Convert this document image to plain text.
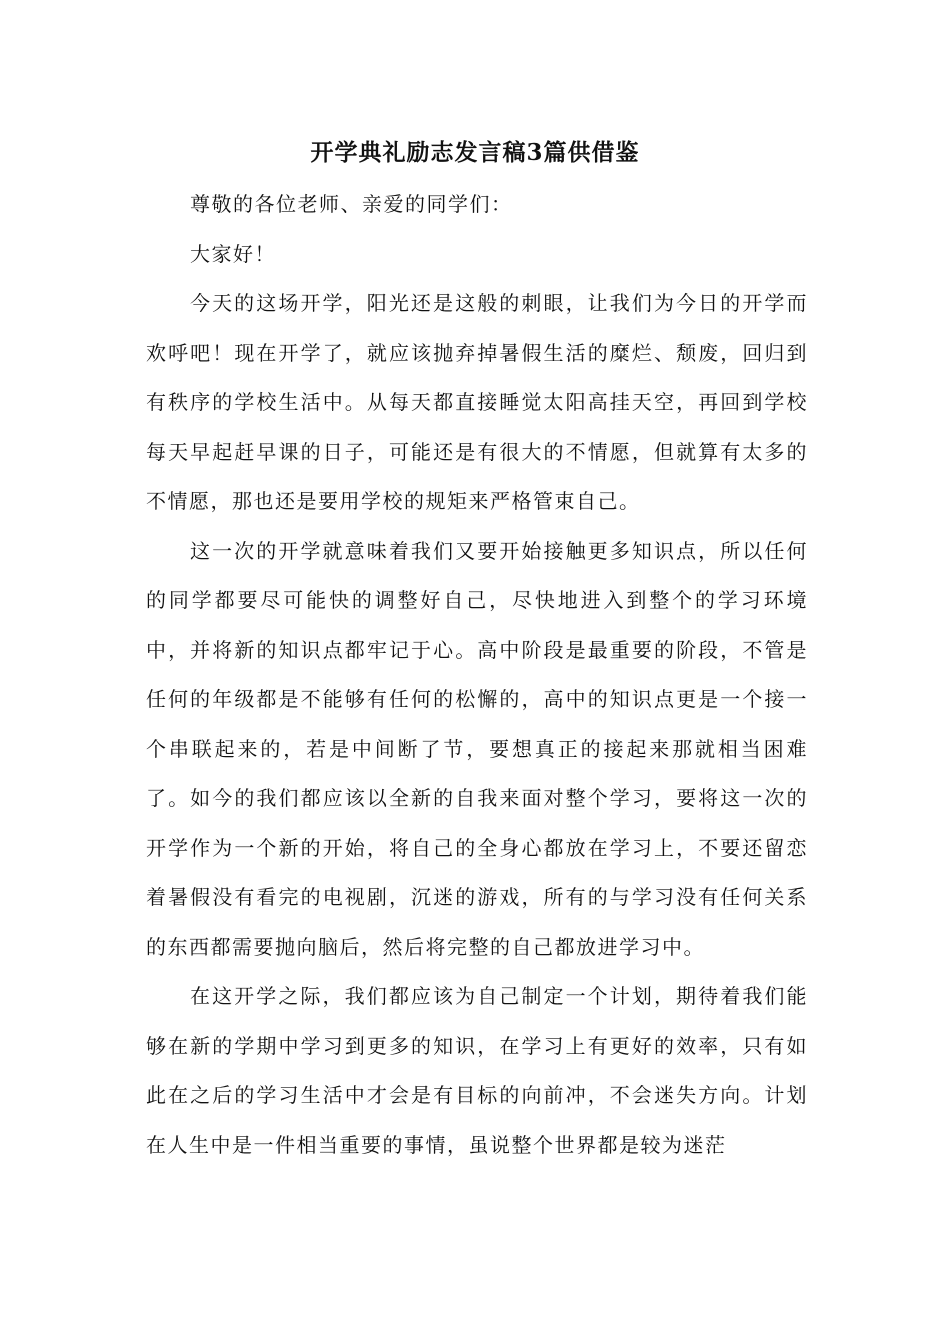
开学典礼励志发言稿3篇供借鉴

尊敬的各位老师、亲爱的同学们：

大家好！

今天的这场开学，阳光还是这般的刺眼，让我们为今日的开学而欢呼吧！现在开学了，就应该抛弃掉暑假生活的糜烂、颓废，回归到有秩序的学校生活中。从每天都直接睡觉太阳高挂天空，再回到学校每天早起赶早课的日子，可能还是有很大的不情愿，但就算有太多的不情愿，那也还是要用学校的规矩来严格管束自己。

这一次的开学就意味着我们又要开始接触更多知识点，所以任何的同学都要尽可能快的调整好自己，尽快地进入到整个的学习环境中，并将新的知识点都牢记于心。高中阶段是最重要的阶段，不管是任何的年级都是不能够有任何的松懈的，高中的知识点更是一个接一个串联起来的，若是中间断了节，要想真正的接起来那就相当困难了。如今的我们都应该以全新的自我来面对整个学习，要将这一次的开学作为一个新的开始，将自己的全身心都放在学习上，不要还留恋着暑假没有看完的电视剧，沉迷的游戏，所有的与学习没有任何关系的东西都需要抛向脑后，然后将完整的自己都放进学习中。

在这开学之际，我们都应该为自己制定一个计划，期待着我们能够在新的学期中学习到更多的知识，在学习上有更好的效率，只有如此在之后的学习生活中才会是有目标的向前冲，不会迷失方向。计划在人生中是一件相当重要的事情，虽说整个世界都是较为迷茫
